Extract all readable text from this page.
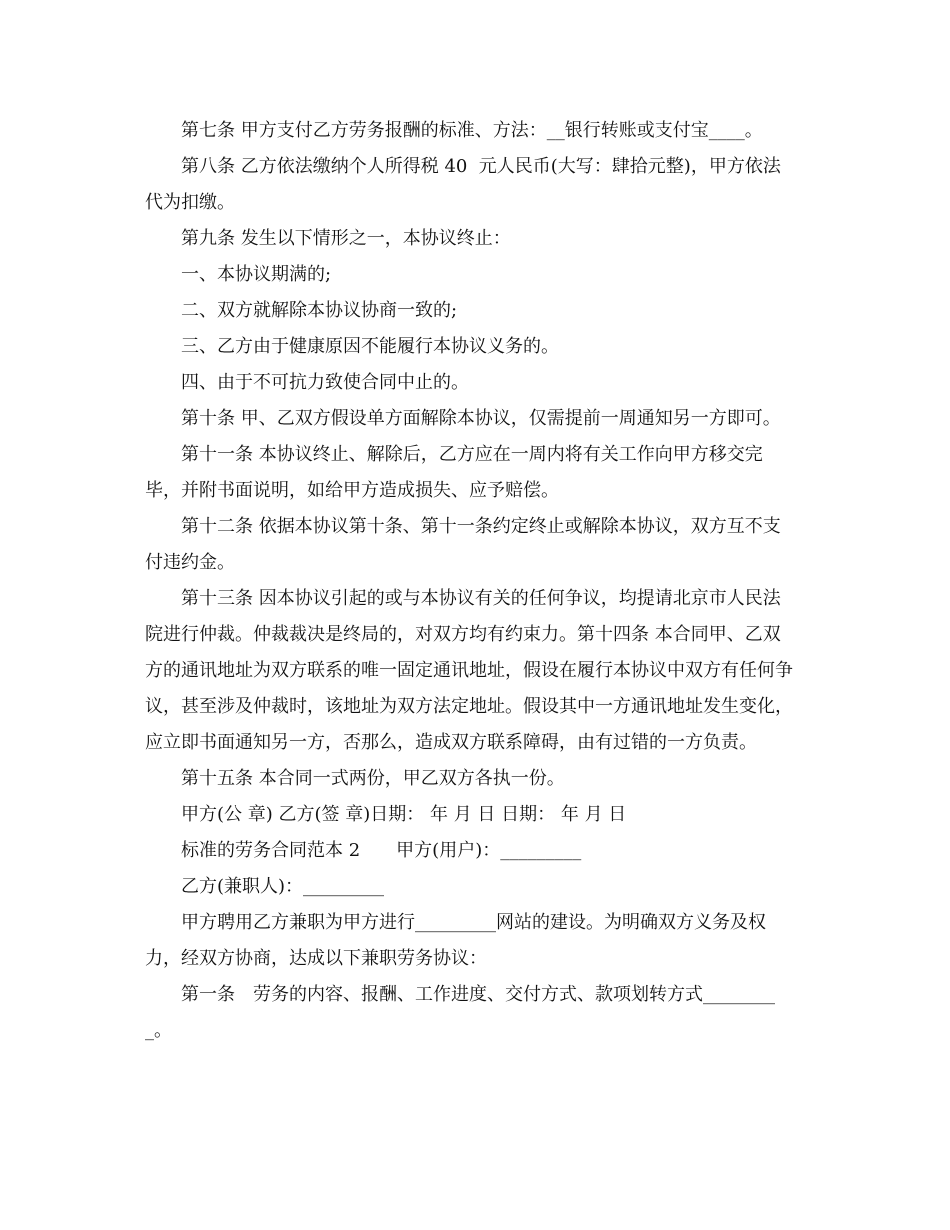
第七条 甲方支付乙方劳务报酬的标准、方法：__银行转账或支付宝____。

第八条 乙方依法缴纳个人所得税 40  元人民币(大写：肆拾元整)，甲方依法代为扣缴。

第九条 发生以下情形之一，本协议终止：

一、本协议期满的;

二、双方就解除本协议协商一致的;

三、乙方由于健康原因不能履行本协议义务的。

四、由于不可抗力致使合同中止的。

第十条 甲、乙双方假设单方面解除本协议，仅需提前一周通知另一方即可。

第十一条 本协议终止、解除后，乙方应在一周内将有关工作向甲方移交完毕，并附书面说明，如给甲方造成损失、应予赔偿。

第十二条 依据本协议第十条、第十一条约定终止或解除本协议，双方互不支付违约金。

第十三条 因本协议引起的或与本协议有关的任何争议，均提请北京市人民法院进行仲裁。仲裁裁决是终局的，对双方均有约束力。第十四条 本合同甲、乙双方的通讯地址为双方联系的唯一固定通讯地址，假设在履行本协议中双方有任何争议，甚至涉及仲裁时，该地址为双方法定地址。假设其中一方通讯地址发生变化，应立即书面通知另一方，否那么，造成双方联系障碍，由有过错的一方负责。

第十五条 本合同一式两份，甲乙双方各执一份。

甲方(公 章) 乙方(签 章)日期： 年 月 日 日期： 年 月 日

标准的劳务合同范本 2　　甲方(用户)：_________

乙方(兼职人)：_________

甲方聘用乙方兼职为甲方进行_________网站的建设。为明确双方义务及权力，经双方协商，达成以下兼职劳务协议：

第一条　劳务的内容、报酬、工作进度、交付方式、款项划转方式_________。
